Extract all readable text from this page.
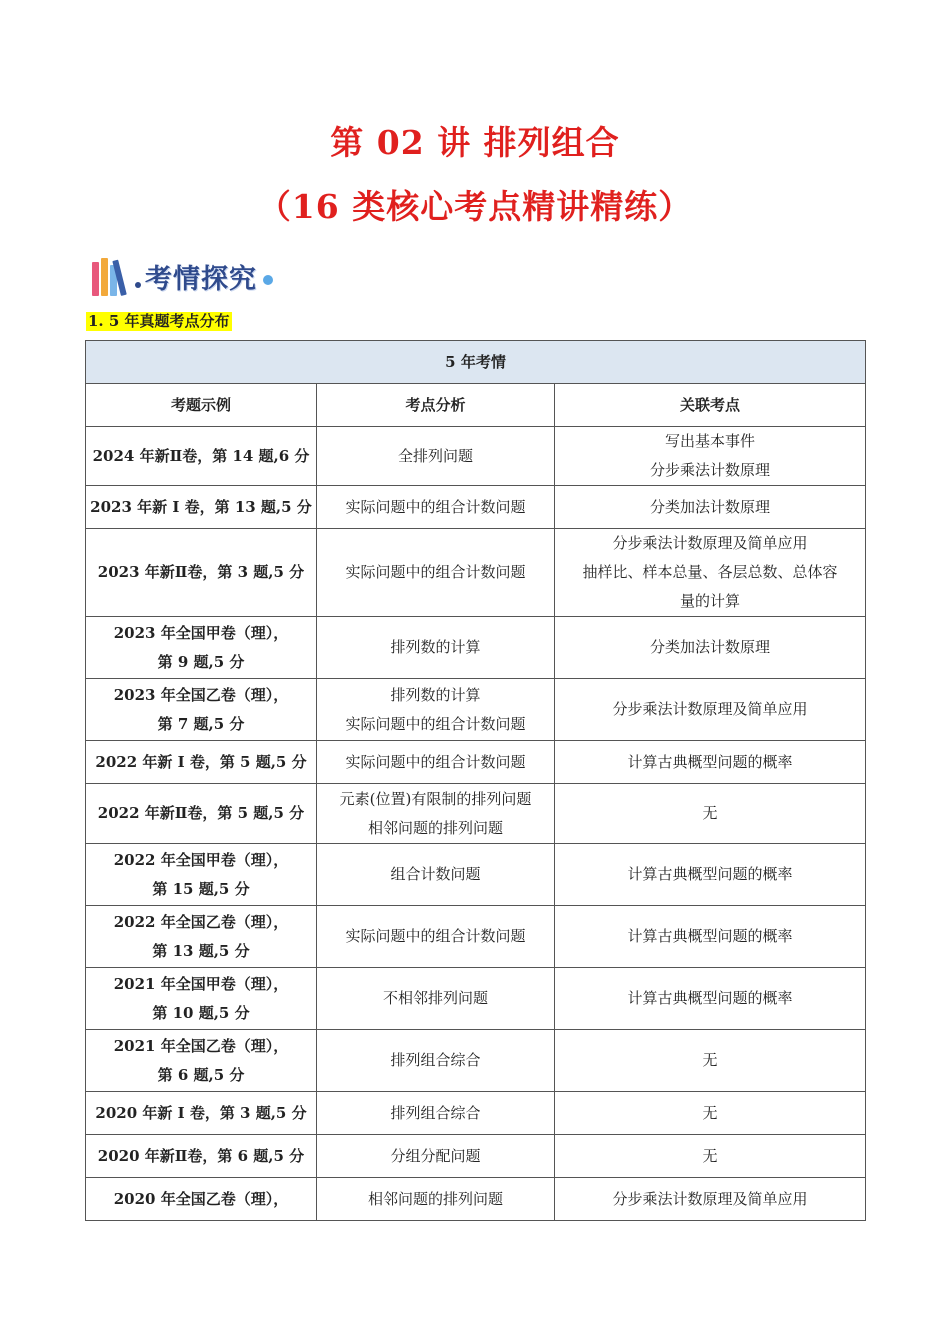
第 02 讲 排列组合
（16 类核心考点精讲精练）
考情探究
1. 5 年真题考点分布
5 年考情		
考题示例	考点分析	关联考点

2024 年新Ⅱ卷，第 14 题,6 分	全排列问题	写出基本事件
分步乘法计数原理

2023 年新 I 卷，第 13 题,5 分	实际问题中的组合计数问题	分类加法计数原理

2023 年新Ⅱ卷，第 3 题,5 分	实际问题中的组合计数问题	分步乘法计数原理及简单应用
抽样比、样本总量、各层总数、总体容
量的计算

2023 年全国甲卷（理），
第 9 题,5 分	排列数的计算	分类加法计数原理

2023 年全国乙卷（理），
第 7 题,5 分	排列数的计算
实际问题中的组合计数问题	分步乘法计数原理及简单应用

2022 年新 I 卷，第 5 题,5 分	实际问题中的组合计数问题	计算古典概型问题的概率

2022 年新Ⅱ卷，第 5 题,5 分	元素(位置)有限制的排列问题
相邻问题的排列问题	无

2022 年全国甲卷（理），
第 15 题,5 分	组合计数问题	计算古典概型问题的概率

2022 年全国乙卷（理），
第 13 题,5 分	实际问题中的组合计数问题	计算古典概型问题的概率

2021 年全国甲卷（理），
第 10 题,5 分	不相邻排列问题	计算古典概型问题的概率

2021 年全国乙卷（理），
第 6 题,5 分	排列组合综合	无

2020 年新 I 卷，第 3 题,5 分	排列组合综合	无

2020 年新Ⅱ卷，第 6 题,5 分	分组分配问题	无

2020 年全国乙卷（理），	相邻问题的排列问题	分步乘法计数原理及简单应用
